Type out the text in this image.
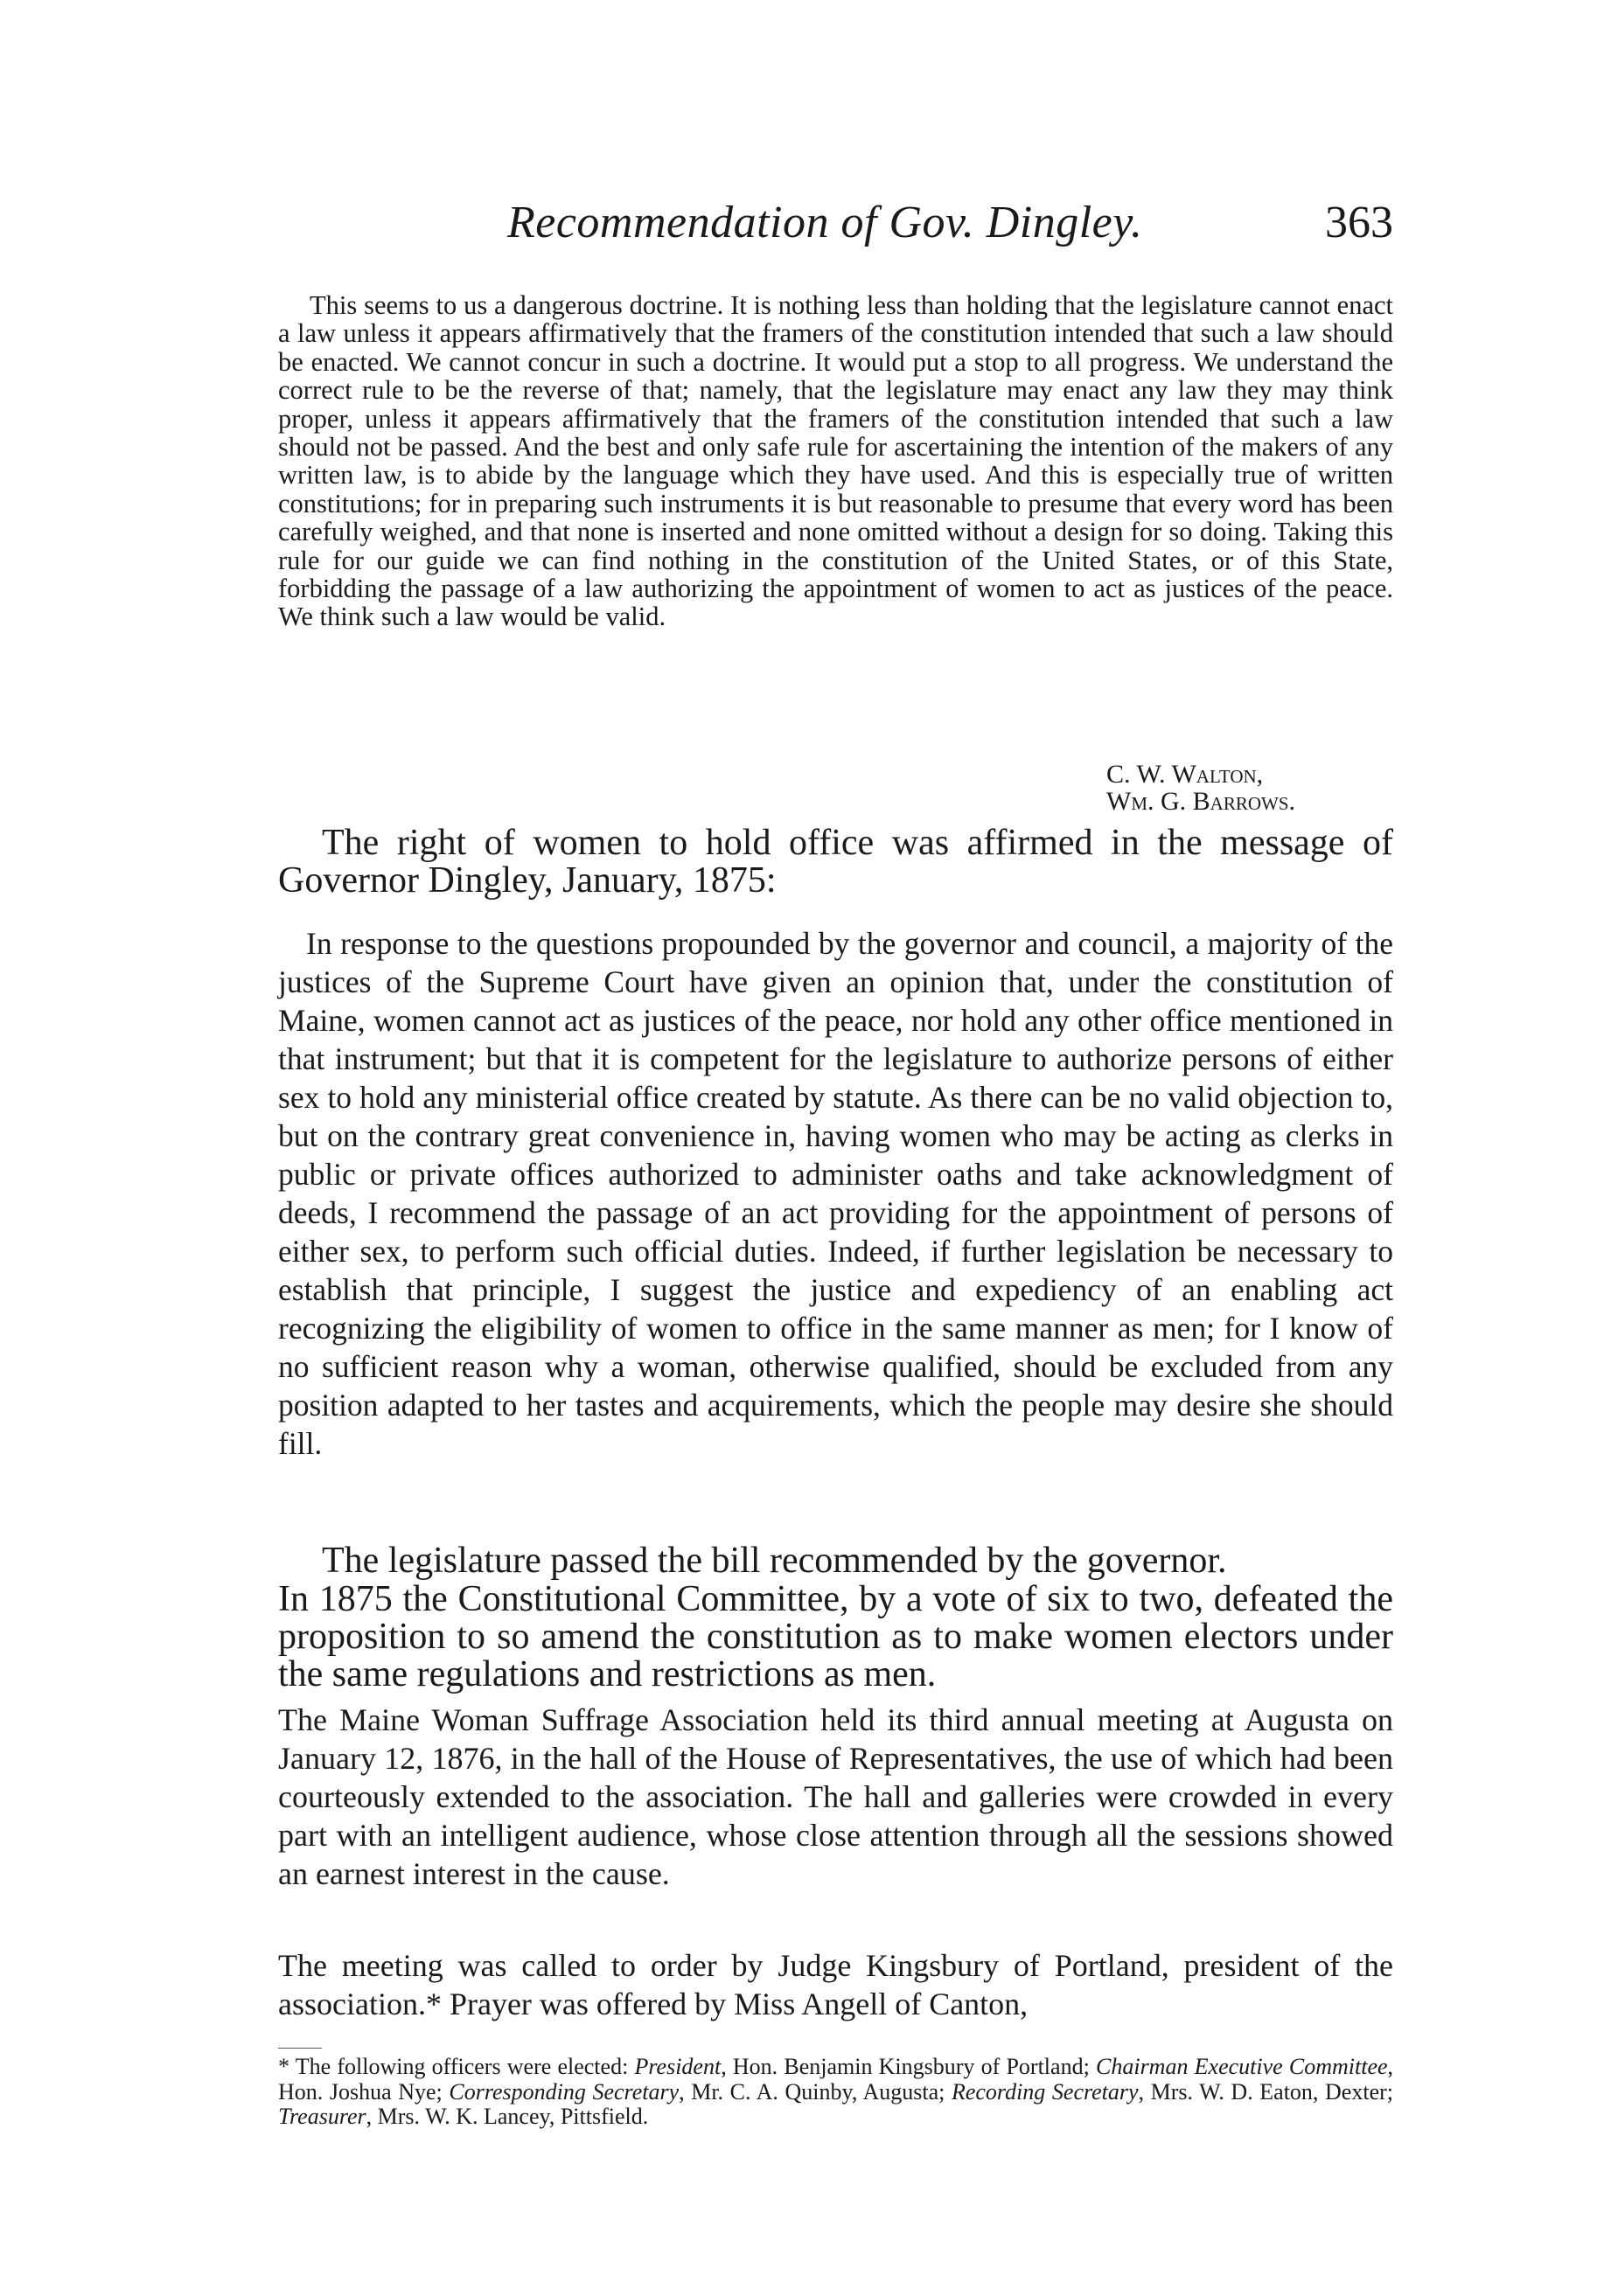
Recommendation of Gov. Dingley.	363

This seems to us a dangerous doctrine. It is nothing less than holding that the legislature cannot enact a law unless it appears affirmatively that the framers of the constitution intended that such a law should be enacted. We cannot concur in such a doctrine. It would put a stop to all progress. We understand the correct rule to be the reverse of that; namely, that the legislature may enact any law they may think proper, unless it appears affirmatively that the framers of the constitution intended that such a law should not be passed. And the best and only safe rule for ascertaining the intention of the makers of any written law, is to abide by the language which they have used. And this is especially true of written constitutions; for in preparing such instruments it is but reasonable to presume that every word has been carefully weighed, and that none is inserted and none omitted without a design for so doing. Taking this rule for our guide we can find nothing in the constitution of the United States, or of this State, forbidding the passage of a law authorizing the appointment of women to act as justices of the peace. We think such a law would be valid.

C. W. Walton,
Wm. G. Barrows.

The right of women to hold office was affirmed in the message of Governor Dingley, January, 1875:

In response to the questions propounded by the governor and council, a majority of the justices of the Supreme Court have given an opinion that, under the constitution of Maine, women cannot act as justices of the peace, nor hold any other office mentioned in that instrument; but that it is competent for the legislature to authorize persons of either sex to hold any ministerial office created by statute. As there can be no valid objection to, but on the contrary great convenience in, having women who may be acting as clerks in public or private offices authorized to administer oaths and take acknowledgment of deeds, I recommend the passage of an act providing for the appointment of persons of either sex, to perform such official duties. Indeed, if further legislation be necessary to establish that principle, I suggest the justice and expediency of an enabling act recognizing the eligibility of women to office in the same manner as men; for I know of no sufficient reason why a woman, otherwise qualified, should be excluded from any position adapted to her tastes and acquirements, which the people may desire she should fill.

The legislature passed the bill recommended by the governor.

In 1875 the Constitutional Committee, by a vote of six to two, defeated the proposition to so amend the constitution as to make women electors under the same regulations and restrictions as men.

The Maine Woman Suffrage Association held its third annual meeting at Augusta on January 12, 1876, in the hall of the House of Representatives, the use of which had been courteously extended to the association. The hall and galleries were crowded in every part with an intelligent audience, whose close attention through all the sessions showed an earnest interest in the cause.

The meeting was called to order by Judge Kingsbury of Portland, president of the association.* Prayer was offered by Miss Angell of Canton,

* The following officers were elected: President, Hon. Benjamin Kingsbury of Portland; Chairman Executive Committee, Hon. Joshua Nye; Corresponding Secretary, Mr. C. A. Quinby, Augusta; Recording Secretary, Mrs. W. D. Eaton, Dexter; Treasurer, Mrs. W. K. Lancey, Pittsfield.
